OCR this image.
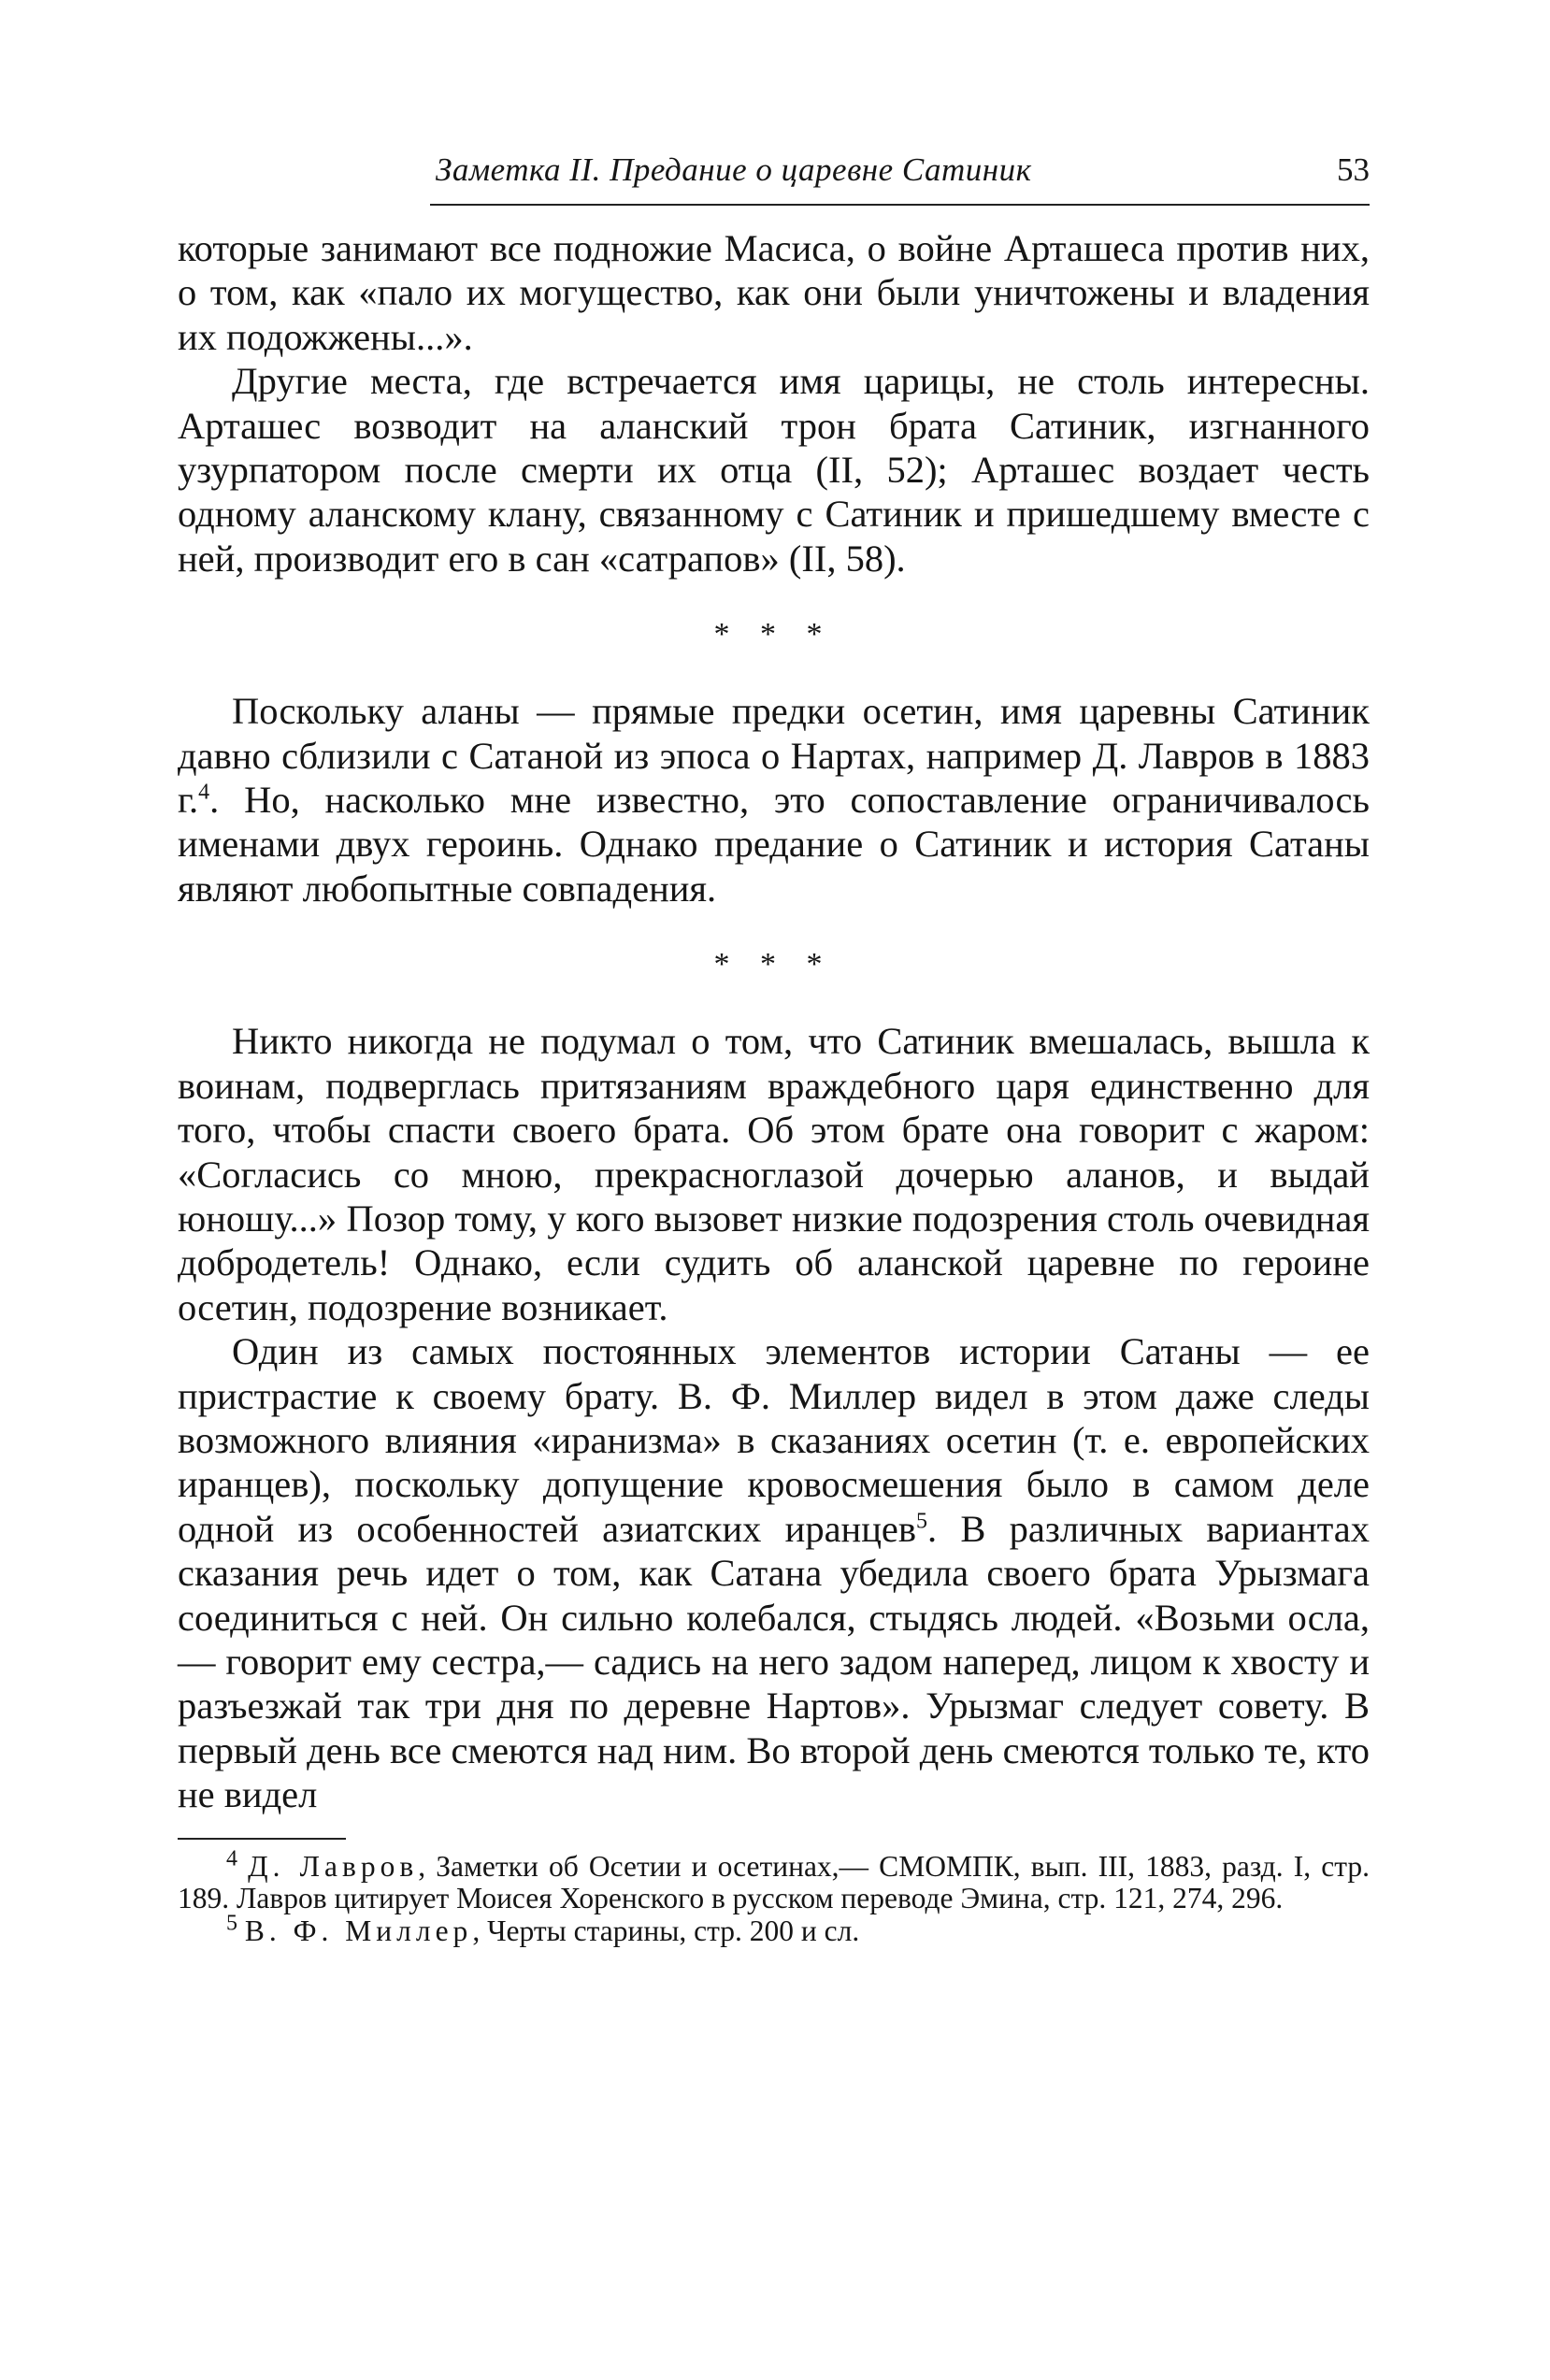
Заметка II. Предание о царевне Сатиник	53

которые занимают все подножие Масиса, о войне Арташеса против них, о том, как «пало их могущество, как они были уничтожены и владения их подожжены...».

Другие места, где встречается имя царицы, не столь интересны. Арташес возводит на аланский трон брата Сатиник, изгнанного узурпатором после смерти их отца (II, 52); Арташес воздает честь одному аланскому клану, связанному с Сатиник и пришедшему вместе с ней, производит его в сан «сатрапов» (II, 58).

* * *

Поскольку аланы — прямые предки осетин, имя царевны Сатиник давно сблизили с Сатаной из эпоса о Нартах, например Д. Лавров в 1883 г.$^4$. Но, насколько мне известно, это сопоставление ограничивалось именами двух героинь. Однако предание о Сатиник и история Сатаны являют любопытные совпадения.

* * *

Никто никогда не подумал о том, что Сатиник вмешалась, вышла к воинам, подверглась притязаниям враждебного царя единственно для того, чтобы спасти своего брата. Об этом брате она говорит с жаром: «Согласись со мною, прекрасноглазой дочерью аланов, и выдай юношу...» Позор тому, у кого вызовет низкие подозрения столь очевидная добродетель! Однако, если судить об аланской царевне по героине осетин, подозрение возникает.

Один из самых постоянных элементов истории Сатаны — ее пристрастие к своему брату. В. Ф. Миллер видел в этом даже следы возможного влияния «иранизма» в сказаниях осетин (т. е. европейских иранцев), поскольку допущение кровосмешения было в самом деле одной из особенностей азиатских иранцев$^5$. В различных вариантах сказания речь идет о том, как Сатана убедила своего брата Урызмага соединиться с ней. Он сильно колебался, стыдясь людей. «Возьми осла,— говорит ему сестра,— садись на него задом наперед, лицом к хвосту и разъезжай так три дня по деревне Нартов». Урызмаг следует совету. В первый день все смеются над ним. Во второй день смеются только те, кто не видел

$^4$ Д. Лавров, Заметки об Осетии и осетинах,— СМОМПК, вып. III, 1883, разд. I, стр. 189. Лавров цитирует Моисея Хоренского в русском переводе Эмина, стр. 121, 274, 296.

$^5$ В. Ф. Миллер, Черты старины, стр. 200 и сл.
